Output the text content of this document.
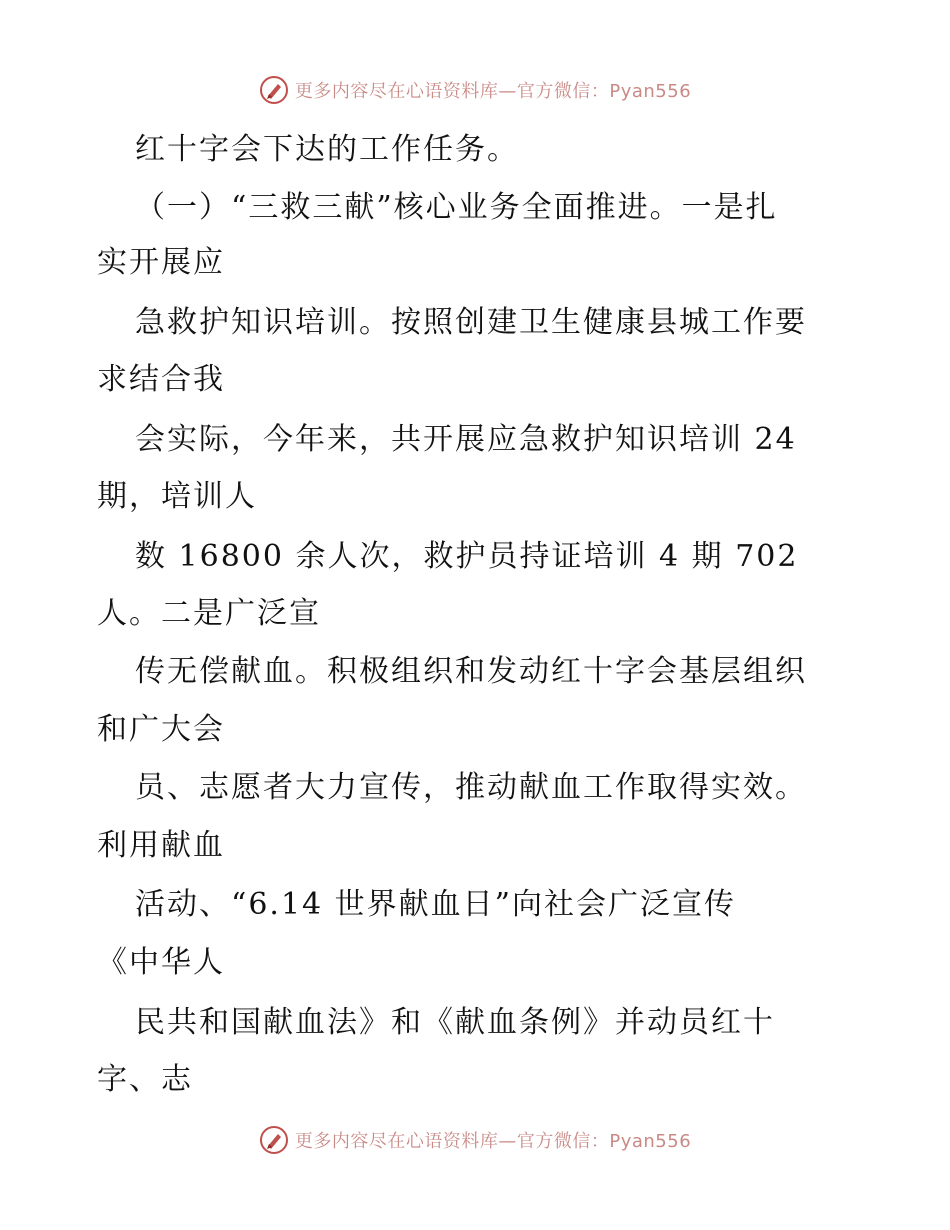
更多内容尽在心语资料库—官方微信：Pyan556
红十字会下达的工作任务。
（一）“三救三献”核心业务全面推进。一是扎
实开展应
急救护知识培训。按照创建卫生健康县城工作要
求结合我
会实际，今年来，共开展应急救护知识培训 24
期，培训人
数 16800 余人次，救护员持证培训 4 期 702
人。二是广泛宣
传无偿献血。积极组织和发动红十字会基层组织
和广大会
员、志愿者大力宣传，推动献血工作取得实效。
利用献血
活动、“6.14 世界献血日”向社会广泛宣传
《中华人
民共和国献血法》和《献血条例》并动员红十
字、志
更多内容尽在心语资料库—官方微信：Pyan556
